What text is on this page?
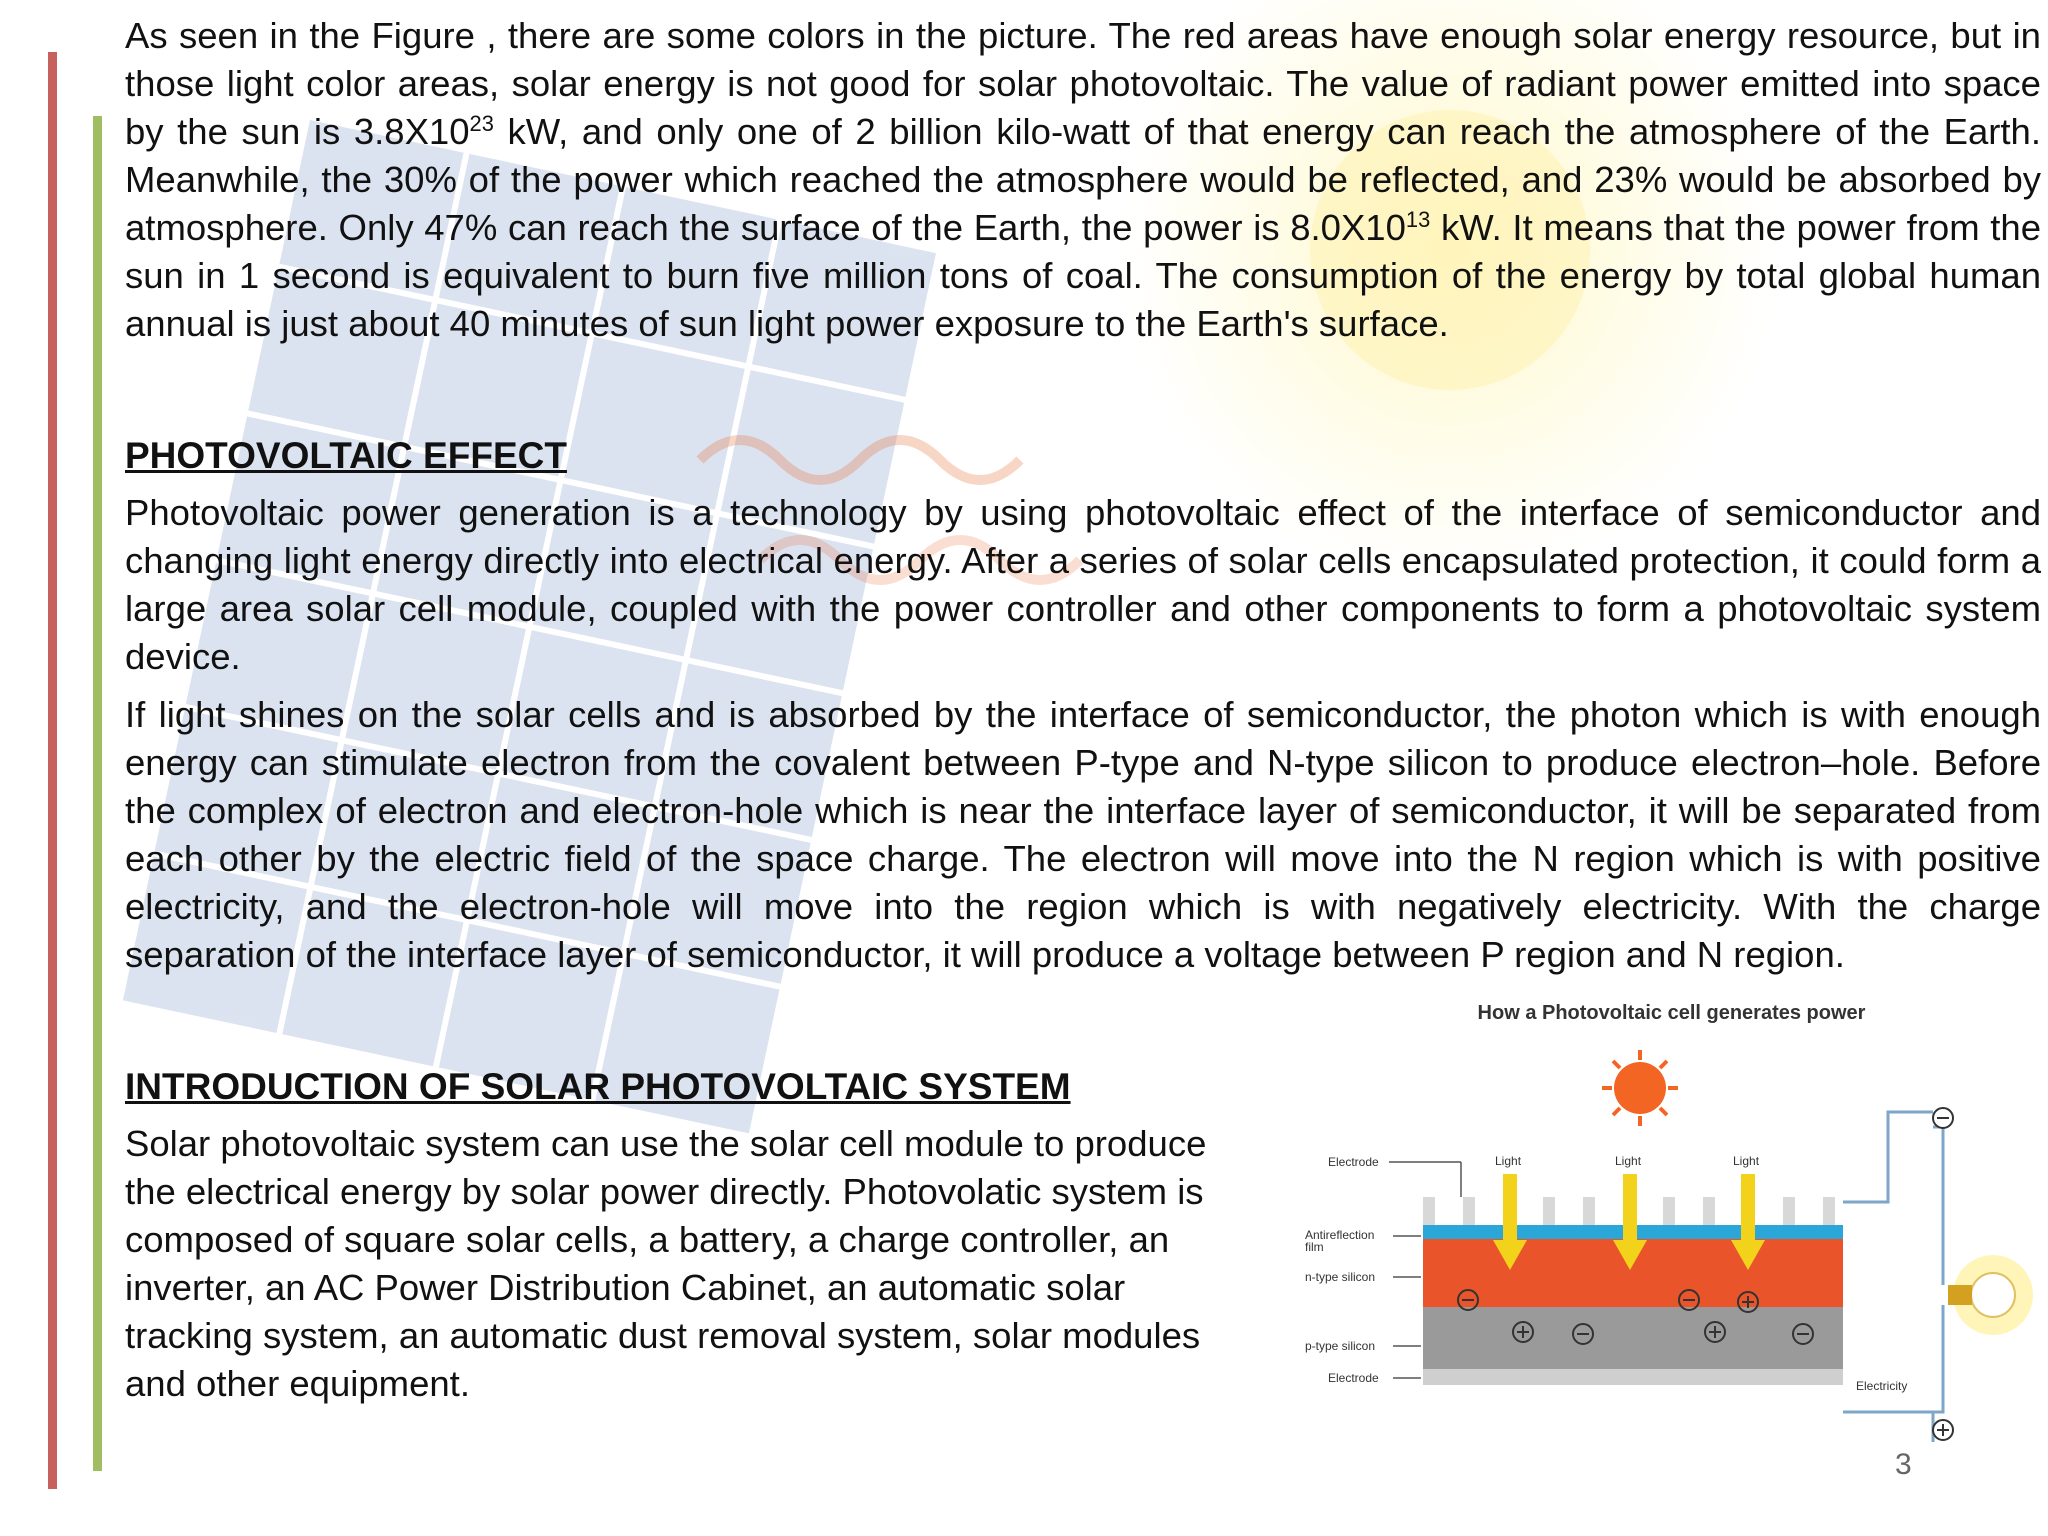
As seen in the Figure , there are some colors in the picture. The red areas have enough solar energy resource, but in those light color areas, solar energy is not good for solar photovoltaic. The value of radiant power emitted into space by the sun is $3.8X10^{23}$ kW, and only one of 2 billion kilo-watt of that energy can reach the atmosphere of the Earth. Meanwhile, the 30% of the power which reached the atmosphere would be reflected, and 23% would be absorbed by atmosphere. Only 47% can reach the surface of the Earth, the power is $8.0X10^{13}$ kW. It means that the power from the sun in 1 second is equivalent to burn five million tons of coal. The consumption of the energy by total global human annual is just about 40 minutes of sun light power exposure to the Earth's surface.

PHOTOVOLTAIC EFFECT

Photovoltaic power generation is a technology by using photovoltaic effect of the interface of semiconductor and changing light energy directly into electrical energy. After a series of solar cells encapsulated protection, it could form a large area solar cell module, coupled with the power controller and other components to form a photovoltaic system device.

If light shines on the solar cells and is absorbed by the interface of semiconductor, the photon which is with enough energy can stimulate electron from the covalent between P-type and N-type silicon to produce electron–hole. Before the complex of electron and electron-hole which is near the interface layer of semiconductor, it will be separated from each other by the electric field of the space charge. The electron will move into the N region which is with positive electricity, and the electron-hole will move into the region which is with negatively electricity. With the charge separation of the interface layer of semiconductor, it will produce a voltage between P region and N region.

INTRODUCTION OF SOLAR PHOTOVOLTAIC SYSTEM

Solar photovoltaic system can use the solar cell module to produce the electrical energy by solar power directly. Photovolatic system is composed of square solar cells, a battery, a charge controller, an inverter, an AC Power Distribution Cabinet, an automatic solar tracking system, an automatic dust removal system, solar modules and other equipment.

How a Photovoltaic cell generates power
Electrode
Antireflection film
n-type silicon
p-type silicon
Electrode
Light	Light	Light
Electricity
3
